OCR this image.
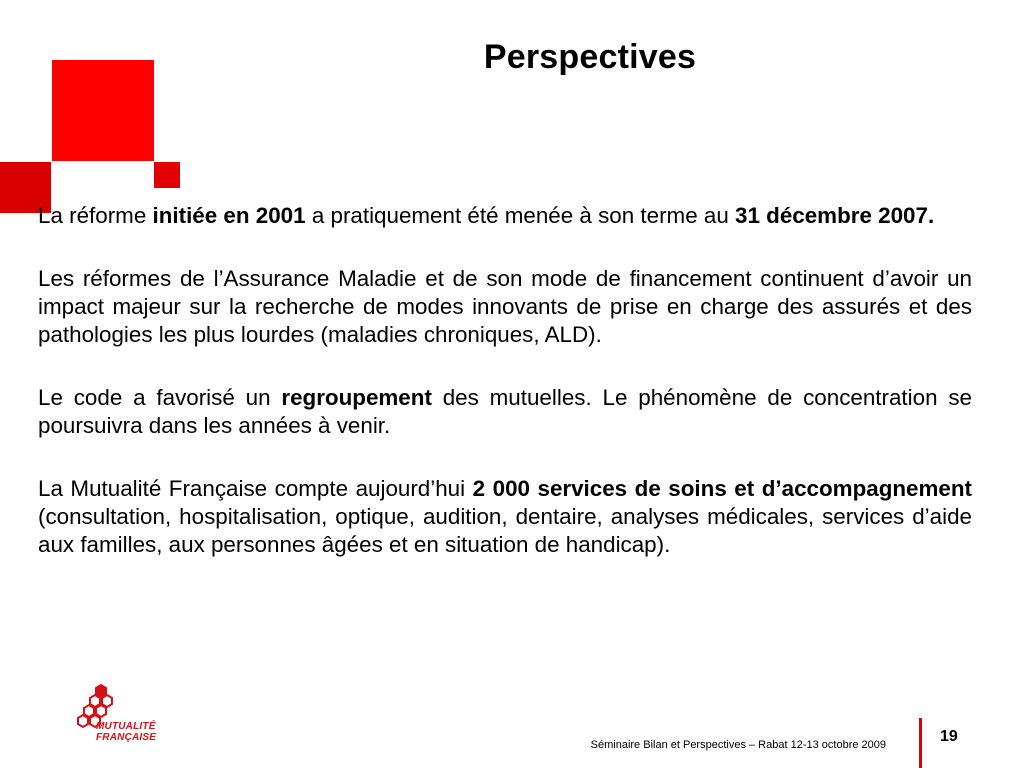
Perspectives

La réforme initiée en 2001 a pratiquement été menée à son terme au 31 décembre 2007.

Les réformes de l’Assurance Maladie et de son mode de financement continuent d’avoir un impact majeur sur la recherche de modes innovants de prise en charge des assurés et des pathologies les plus lourdes (maladies chroniques, ALD).

Le code a favorisé un regroupement des mutuelles. Le phénomène de concentration se poursuivra dans les années à venir.

La Mutualité Française compte aujourd’hui 2 000 services de soins et d’accompagnement (consultation, hospitalisation, optique, audition, dentaire, analyses médicales, services d’aide aux familles, aux personnes âgées et en situation de handicap).

MUTUALITÉ
FRANÇAISE
Séminaire Bilan et Perspectives – Rabat 12-13 octobre 2009	19
